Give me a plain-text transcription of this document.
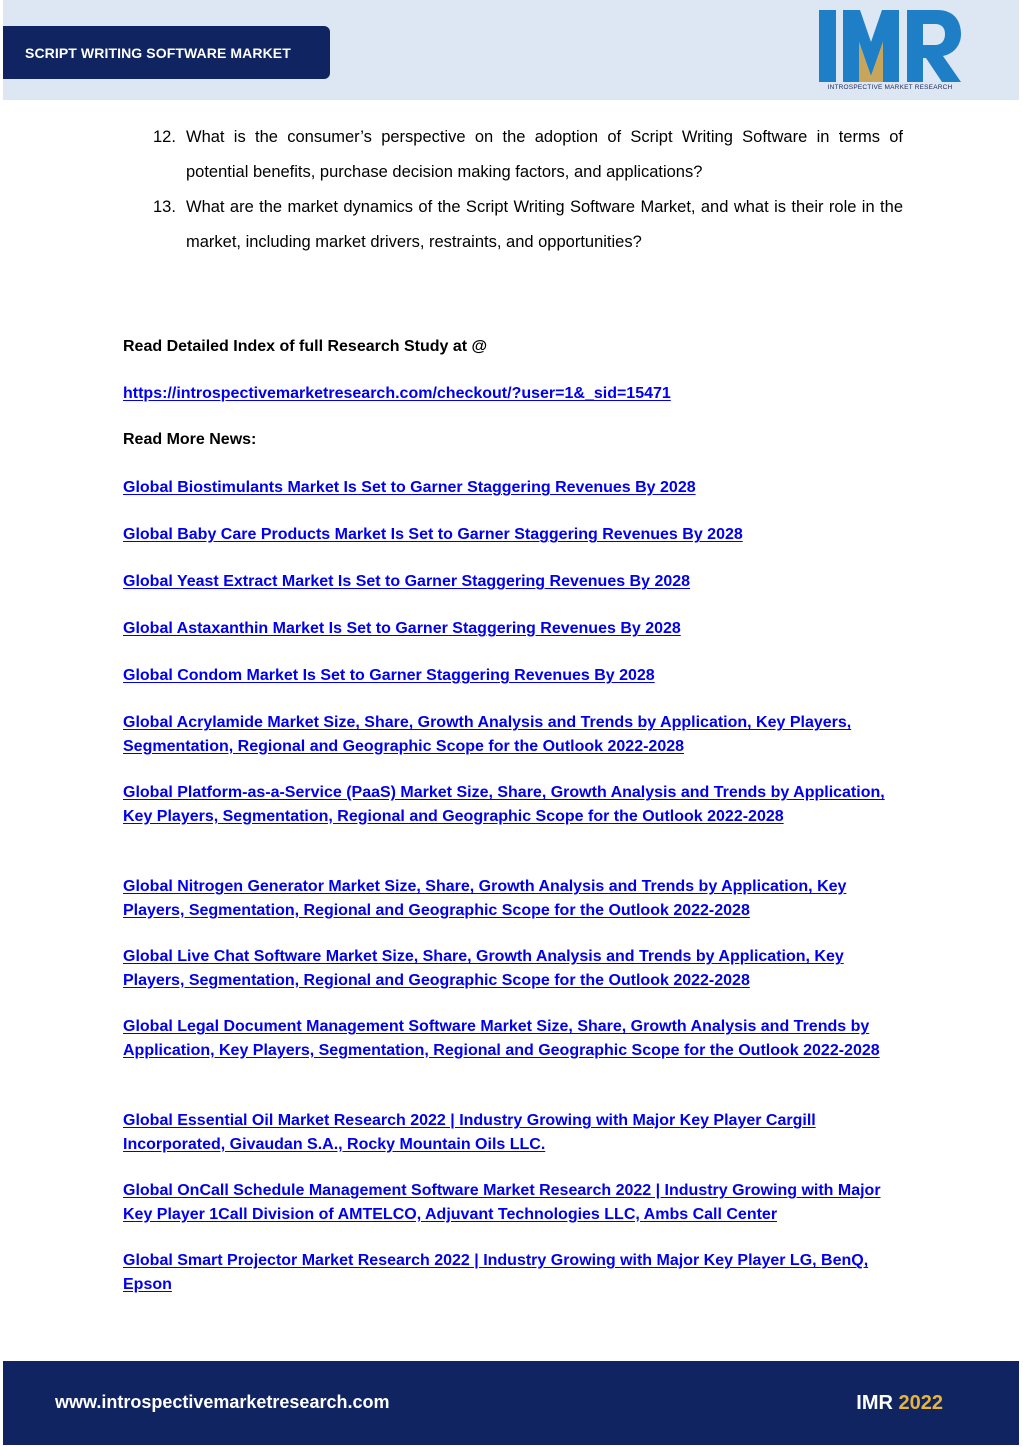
SCRIPT WRITING SOFTWARE MARKET
INTROSPECTIVE MARKET RESEARCH
12. What is the consumer’s perspective on the adoption of Script Writing Software in terms of potential benefits, purchase decision making factors, and applications?
13. What are the market dynamics of the Script Writing Software Market, and what is their role in the market, including market drivers, restraints, and opportunities?
Read Detailed Index of full Research Study at @
https://introspectivemarketresearch.com/checkout/?user=1&_sid=15471
Read More News:
Global Biostimulants Market Is Set to Garner Staggering Revenues By 2028
Global Baby Care Products Market Is Set to Garner Staggering Revenues By 2028
Global Yeast Extract Market Is Set to Garner Staggering Revenues By 2028
Global Astaxanthin Market Is Set to Garner Staggering Revenues By 2028
Global Condom Market Is Set to Garner Staggering Revenues By 2028
Global Acrylamide Market Size, Share, Growth Analysis and Trends by Application, Key Players, Segmentation, Regional and Geographic Scope for the Outlook 2022-2028
Global Platform-as-a-Service (PaaS) Market Size, Share, Growth Analysis and Trends by Application, Key Players, Segmentation, Regional and Geographic Scope for the Outlook 2022-2028
Global Nitrogen Generator Market Size, Share, Growth Analysis and Trends by Application, Key Players, Segmentation, Regional and Geographic Scope for the Outlook 2022-2028
Global Live Chat Software Market Size, Share, Growth Analysis and Trends by Application, Key Players, Segmentation, Regional and Geographic Scope for the Outlook 2022-2028
Global Legal Document Management Software Market Size, Share, Growth Analysis and Trends by Application, Key Players, Segmentation, Regional and Geographic Scope for the Outlook 2022-2028
Global Essential Oil Market Research 2022 | Industry Growing with Major Key Player Cargill Incorporated, Givaudan S.A., Rocky Mountain Oils LLC.
Global OnCall Schedule Management Software Market Research 2022 | Industry Growing with Major Key Player 1Call Division of AMTELCO, Adjuvant Technologies LLC, Ambs Call Center
Global Smart Projector Market Research 2022 | Industry Growing with Major Key Player LG, BenQ, Epson
www.introspectivemarketresearch.com	IMR 2022
